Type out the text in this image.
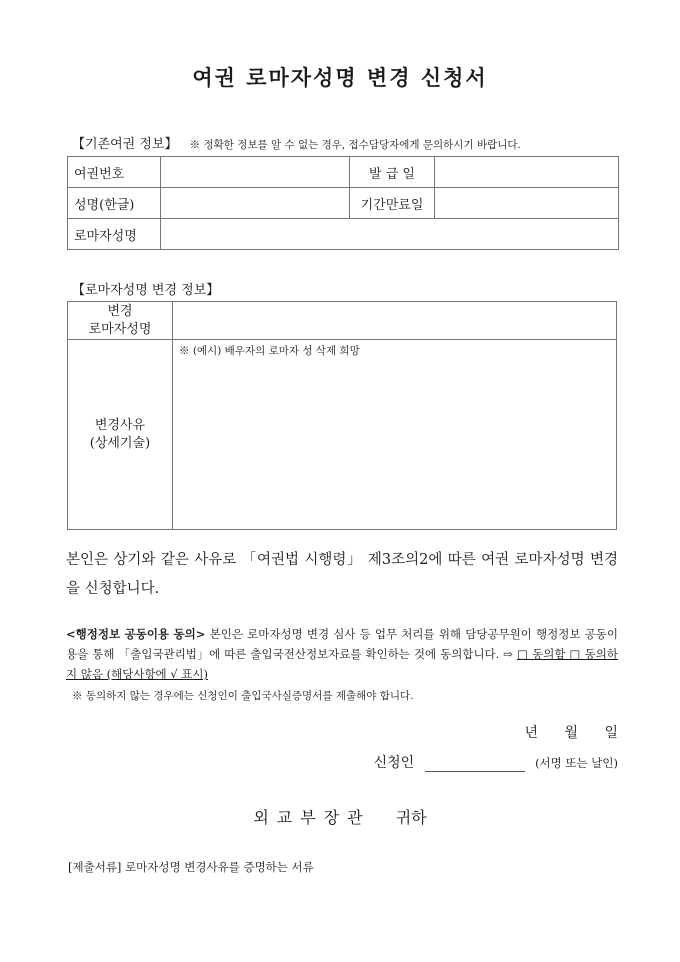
여권 로마자성명 변경 신청서
【기존여권 정보】 ※ 정확한 정보를 알 수 없는 경우, 접수담당자에게 문의하시기 바랍니다.
여권번호		발 급 일	
성명(한글)		기간만료일	
로마자성명			
【로마자성명 변경 정보】
변경
로마자성명	

변경사유
(상세기술)	※ (예시) 배우자의 로마자 성 삭제 희망
본인은 상기와 같은 사유로 「여권법 시행령」 제3조의2에 따른 여권 로마자성명 변경을 신청합니다.
<행정정보 공동이용 동의> 본인은 로마자성명 변경 심사 등 업무 처리를 위해 담당공무원이 행정정보 공동이용을 통해 「출입국관리법」에 따른 출입국전산정보자료를 확인하는 것에 동의합니다. ⇨ □ 동의함 □ 동의하지 않음 (해당사항에 √ 표시)
※ 동의하지 않는 경우에는 신청인이 출입국사실증명서를 제출해야 합니다.
년 월 일
신청인	(서명 또는 날인)
외교부장관 귀하
[제출서류] 로마자성명 변경사유를 증명하는 서류
